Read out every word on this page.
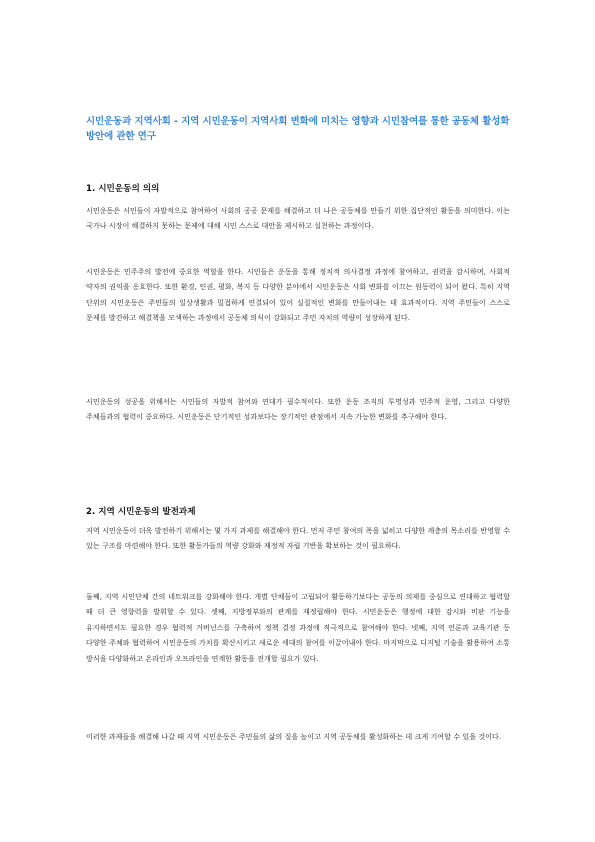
시민운동과 지역사회 - 지역 시민운동이 지역사회 변화에 미치는 영향과 시민참여를 통한 공동체 활성화 방안에 관한 연구
1. 시민운동의 의의
시민운동은 시민들이 자발적으로 참여하여 사회의 공공 문제를 해결하고 더 나은 공동체를 만들기 위한 집단적인 활동을 의미한다. 이는 국가나 시장이 해결하지 못하는 문제에 대해 시민 스스로 대안을 제시하고 실천하는 과정이다.
시민운동은 민주주의 발전에 중요한 역할을 한다. 시민들은 운동을 통해 정치적 의사결정 과정에 참여하고, 권력을 감시하며, 사회적 약자의 권익을 옹호한다. 또한 환경, 인권, 평화, 복지 등 다양한 분야에서 시민운동은 사회 변화를 이끄는 원동력이 되어 왔다. 특히 지역 단위의 시민운동은 주민들의 일상생활과 밀접하게 연결되어 있어 실질적인 변화를 만들어내는 데 효과적이다. 지역 주민들이 스스로 문제를 발견하고 해결책을 모색하는 과정에서 공동체 의식이 강화되고 주민 자치의 역량이 성장하게 된다.
시민운동의 성공을 위해서는 시민들의 자발적 참여와 연대가 필수적이다. 또한 운동 조직의 투명성과 민주적 운영, 그리고 다양한 주체들과의 협력이 중요하다. 시민운동은 단기적인 성과보다는 장기적인 관점에서 지속 가능한 변화를 추구해야 한다.
2. 지역 시민운동의 발전과제
지역 시민운동이 더욱 발전하기 위해서는 몇 가지 과제를 해결해야 한다. 먼저 주민 참여의 폭을 넓히고 다양한 계층의 목소리를 반영할 수 있는 구조를 마련해야 한다. 또한 활동가들의 역량 강화와 재정적 자립 기반을 확보하는 것이 필요하다.
둘째, 지역 시민단체 간의 네트워크를 강화해야 한다. 개별 단체들이 고립되어 활동하기보다는 공동의 의제를 중심으로 연대하고 협력할 때 더 큰 영향력을 발휘할 수 있다. 셋째, 지방정부와의 관계를 재정립해야 한다. 시민운동은 행정에 대한 감시와 비판 기능을 유지하면서도 필요한 경우 협력적 거버넌스를 구축하여 정책 결정 과정에 적극적으로 참여해야 한다. 넷째, 지역 언론과 교육기관 등 다양한 주체와 협력하여 시민운동의 가치를 확산시키고 새로운 세대의 참여를 이끌어내야 한다. 마지막으로 디지털 기술을 활용하여 소통 방식을 다양화하고 온라인과 오프라인을 연계한 활동을 전개할 필요가 있다.
이러한 과제들을 해결해 나갈 때 지역 시민운동은 주민들의 삶의 질을 높이고 지역 공동체를 활성화하는 데 크게 기여할 수 있을 것이다.
